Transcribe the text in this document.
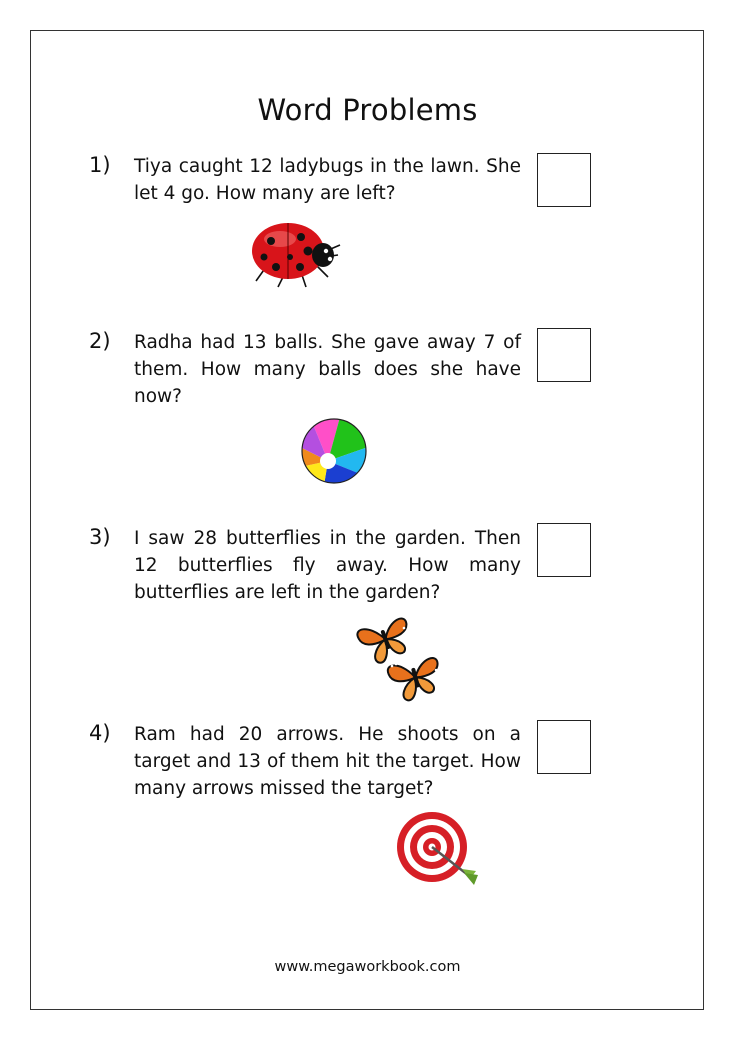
Word Problems
1) Tiya caught 12 ladybugs in the lawn. She let 4 go. How many are left?
2) Radha had 13 balls. She gave away 7 of them. How many balls does she have now?
3) I saw 28 butterflies in the garden. Then 12 butterflies fly away. How many butterflies are left in the garden?
4) Ram had 20 arrows. He shoots on a target and 13 of them hit the target. How many arrows missed the target?
www.megaworkbook.com
